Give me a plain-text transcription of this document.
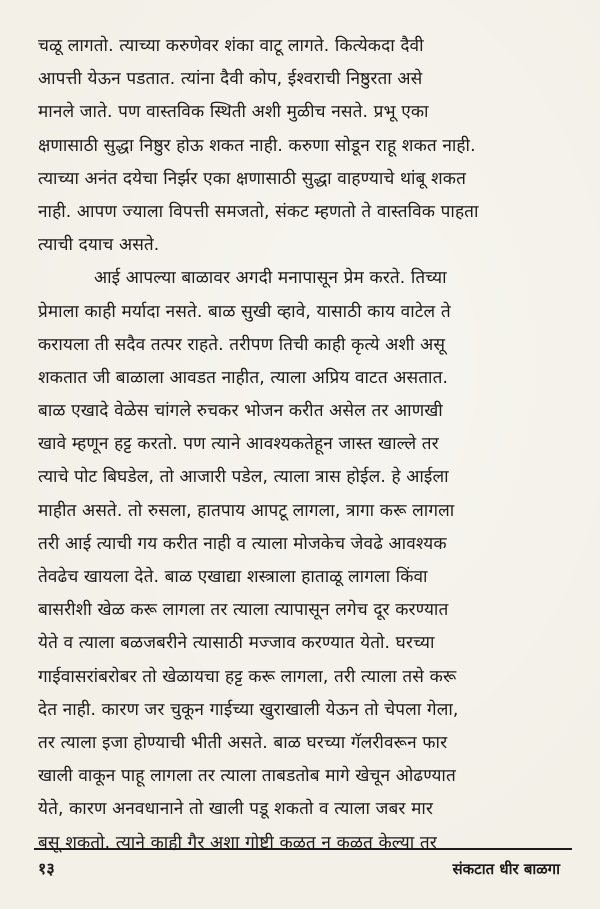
चळू लागतो. त्याच्या करुणेवर शंका वाटू लागते. कित्येकदा दैवी
आपत्ती येऊन पडतात. त्यांना दैवी कोप, ईश्वराची निष्ठुरता असे
मानले जाते. पण वास्तविक स्थिती अशी मुळीच नसते. प्रभू एका
क्षणासाठी सुद्धा निष्ठुर होऊ शकत नाही. करुणा सोडून राहू शकत नाही.
त्याच्या अनंत दयेचा निर्झर एका क्षणासाठी सुद्धा वाहण्याचे थांबू शकत
नाही. आपण ज्याला विपत्ती समजतो, संकट म्हणतो ते वास्तविक पाहता
त्याची दयाच असते.
आई आपल्या बाळावर अगदी मनापासून प्रेम करते. तिच्या
प्रेमाला काही मर्यादा नसते. बाळ सुखी व्हावे, यासाठी काय वाटेल ते
करायला ती सदैव तत्पर राहते. तरीपण तिची काही कृत्ये अशी असू
शकतात जी बाळाला आवडत नाहीत, त्याला अप्रिय वाटत असतात.
बाळ एखादे वेळेस चांगले रुचकर भोजन करीत असेल तर आणखी
खावे म्हणून हट्ट करतो. पण त्याने आवश्यकतेहून जास्त खाल्ले तर
त्याचे पोट बिघडेल, तो आजारी पडेल, त्याला त्रास होईल. हे आईला
माहीत असते. तो रुसला, हातपाय आपटू लागला, त्रागा करू लागला
तरी आई त्याची गय करीत नाही व त्याला मोजकेच जेवढे आवश्यक
तेवढेच खायला देते. बाळ एखाद्या शस्त्राला हाताळू लागला किंवा
बासरीशी खेळ करू लागला तर त्याला त्यापासून लगेच दूर करण्यात
येते व त्याला बळजबरीने त्यासाठी मज्जाव करण्यात येतो. घरच्या
गाईवासरांबरोबर तो खेळायचा हट्ट करू लागला, तरी त्याला तसे करू
देत नाही. कारण जर चुकून गाईच्या खुराखाली येऊन तो चेपला गेला,
तर त्याला इजा होण्याची भीती असते. बाळ घरच्या गॅलरीवरून फार
खाली वाकून पाहू लागला तर त्याला ताबडतोब मागे खेचून ओढण्यात
येते, कारण अनवधानाने तो खाली पडू शकतो व त्याला जबर मार
बसू शकतो. त्याने काही गैर अशा गोष्टी कळत न कळत केल्या तर
१३	संकटात धीर बाळगा
